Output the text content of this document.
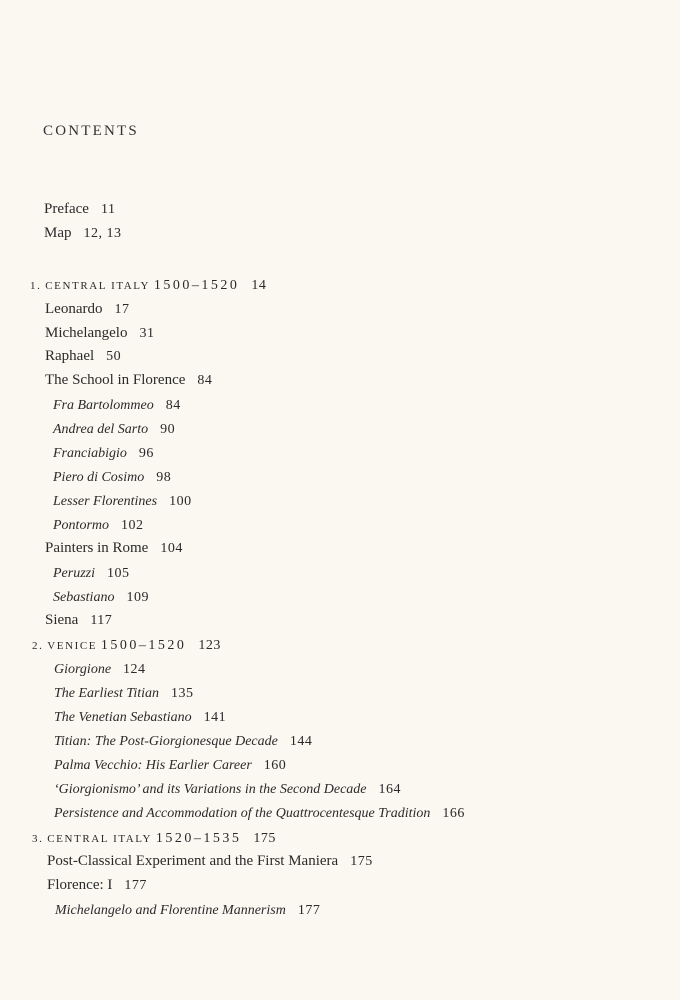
CONTENTS
Preface 11
Map 12, 13
1. CENTRAL ITALY 1500–1520 14
Leonardo 17
Michelangelo 31
Raphael 50
The School in Florence 84
Fra Bartolommeo 84
Andrea del Sarto 90
Franciabigio 96
Piero di Cosimo 98
Lesser Florentines 100
Pontormo 102
Painters in Rome 104
Peruzzi 105
Sebastiano 109
Siena 117
2. VENICE 1500–1520 123
Giorgione 124
The Earliest Titian 135
The Venetian Sebastiano 141
Titian: The Post-Giorgionesque Decade 144
Palma Vecchio: His Earlier Career 160
‘Giorgionismo’ and its Variations in the Second Decade 164
Persistence and Accommodation of the Quattrocentesque Tradition 166
3. CENTRAL ITALY 1520–1535 175
Post-Classical Experiment and the First Maniera 175
Florence: I 177
Michelangelo and Florentine Mannerism 177
